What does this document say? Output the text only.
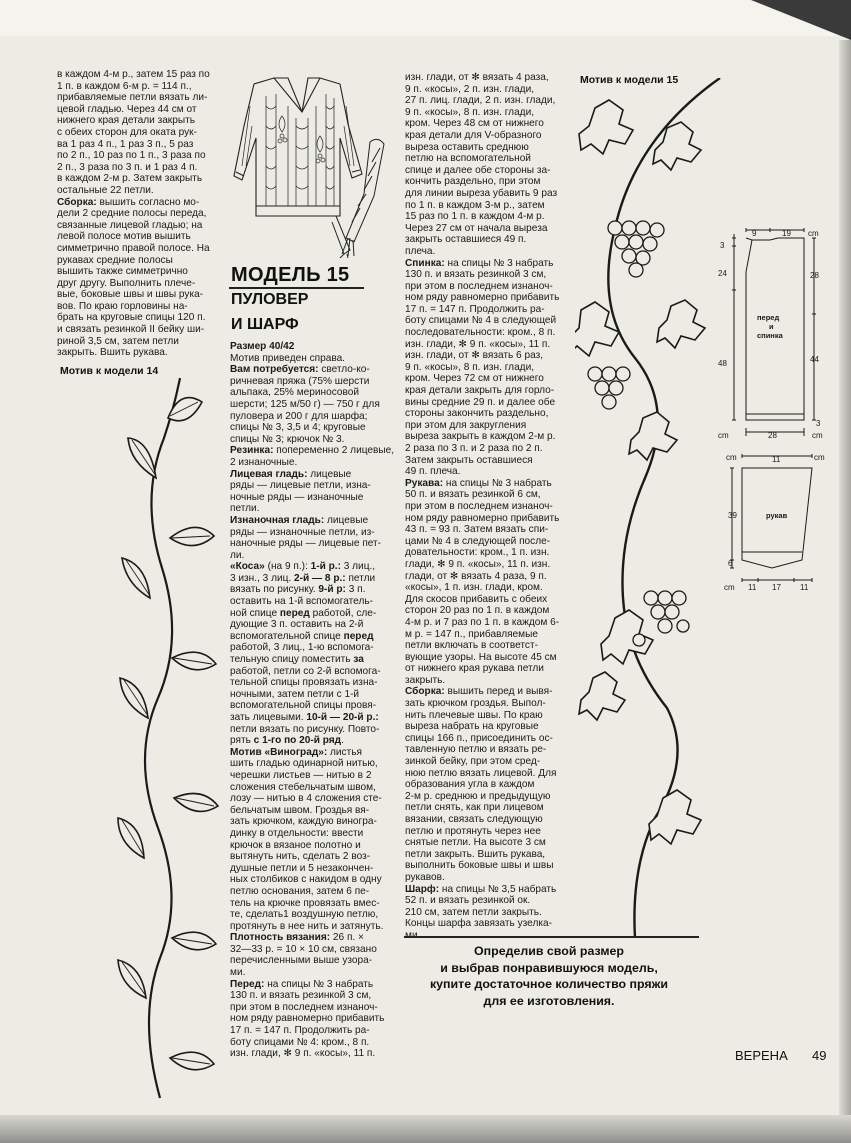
в каждом 4-м р., затем 15 раз по

1 п. в каждом 6-м р. = 114 п.,

прибавляемые петли вязать ли-

цевой гладью. Через 44 см от

нижнего края детали закрыть

с обеих сторон для оката рук-

ва 1 раз 4 п., 1 раз 3 п., 5 раз

по 2 п., 10 раз по 1 п., 3 раза по

2 п., 3 раза по 3 п. и 1 раз 4 п.

в каждом 2-м р. Затем закрыть

остальные 22 петли.

Сборка: вышить согласно мо-

дели 2 средние полосы переда,

связанные лицевой гладью; на

левой полосе мотив вышить

симметрично правой полосе. На

рукавах средние полосы

вышить также симметрично

друг другу. Выполнить плече-

вые, боковые швы и швы рука-

вов. По краю горловины на-

брать на круговые спицы 120 п.

и связать резинкой II бейку ши-

риной 3,5 см, затем петли

закрыть. Вшить рукава.

МОДЕЛЬ 15
ПУЛОВЕР
И ШАРФ

Размер 40/42

Мотив приведен справа.

Вам потребуется: светло-ко-

ричневая пряжа (75% шерсти

альпака, 25% мериносовой

шерсти; 125 м/50 г) — 750 г для

пуловера и 200 г для шарфа;

спицы № 3, 3,5 и 4; круговые

спицы № 3; крючок № 3.

Резинка: попеременно 2 лицевые,

2 изнаночные.

Лицевая гладь: лицевые

ряды — лицевые петли, изна-

ночные ряды — изнаночные

петли.

Изнаночная гладь: лицевые

ряды — изнаночные петли, из-

наночные ряды — лицевые пет-

ли.

«Коса» (на 9 п.): 1-й р.: 3 лиц.,

3 изн., 3 лиц. 2-й — 8 р.: петли

вязать по рисунку. 9-й р: 3 п.

оставить на 1-й вспомогатель-

ной спице перед работой, сле-

дующие 3 п. оставить на 2-й

вспомогательной спице перед

работой, 3 лиц., 1-ю вспомога-

тельную спицу поместить за

работой, петли со 2-й вспомога-

тельной спицы провязать изна-

ночными, затем петли с 1-й

вспомогательной спицы провя-

зать лицевыми. 10-й — 20-й р.:

петли вязать по рисунку. Повто-

рять с 1-го по 20-й ряд.

Мотив «Виноград»: листья

шить гладью одинарной нитью,

черешки листьев — нитью в 2

сложения стебельчатым швом,

лозу — нитью в 4 сложения сте-

бельчатым швом. Гроздья вя-

зать крючком, каждую виногра-

динку в отдельности: ввести

крючок в вязаное полотно и

вытянуть нить, сделать 2 воз-

душные петли и 5 незакончен-

ных столбиков с накидом в одну

петлю основания, затем 6 пе-

тель на крючке провязать вмес-

те, сделать1 воздушную петлю,

протянуть в нее нить и затянуть.

Плотность вязания: 26 п. ×

32—33 р. = 10 × 10 см, связано

перечисленными выше узора-

ми.

Перед: на спицы № 3 набрать

130 п. и вязать резинкой 3 см,

при этом в последнем изнаноч-

ном ряду равномерно прибавить

17 п. = 147 п. Продолжить ра-

боту спицами № 4: кром., 8 п.

изн. глади, ✻ 9 п. «косы», 11 п.

изн. глади, от ✻ вязать 4 раза,

9 п. «косы», 2 п. изн. глади,

27 п. лиц. глади, 2 п. изн. глади,

9 п. «косы», 8 п. изн. глади,

кром. Через 48 см от нижнего

края детали для V-образного

выреза оставить среднюю

петлю на вспомогательной

спице и далее обе стороны за-

кончить раздельно, при этом

для линии выреза убавить 9 раз

по 1 п. в каждом 3-м р., затем

15 раз по 1 п. в каждом 4-м р.

Через 27 см от начала выреза

закрыть оставшиеся 49 п.

плеча.

Спинка: на спицы № 3 набрать

130 п. и вязать резинкой 3 см,

при этом в последнем изнаноч-

ном ряду равномерно прибавить

17 п. = 147 п. Продолжить ра-

боту спицами № 4 в следующей

последовательности: кром., 8 п.

изн. глади, ✻ 9 п. «косы», 11 п.

изн. глади, от ✻ вязать 6 раз,

9 п. «косы», 8 п. изн. глади,

кром. Через 72 см от нижнего

края детали закрыть для горло-

вины средние 29 п. и далее обе

стороны закончить раздельно,

при этом для закругления

выреза закрыть в каждом 2-м р.

2 раза по 3 п. и 2 раза по 2 п.

Затем закрыть оставшиеся

49 п. плеча.

Рукава: на спицы № 3 набрать

50 п. и вязать резинкой 6 см,

при этом в последнем изнаноч-

ном ряду равномерно прибавить

43 п. = 93 п. Затем вязать спи-

цами № 4 в следующей после-

довательности: кром., 1 п. изн.

глади, ✻ 9 п. «косы», 11 п. изн.

глади, от ✻ вязать 4 раза, 9 п.

«косы», 1 п. изн. глади, кром.

Для скосов прибавить с обеих

сторон 20 раз по 1 п. в каждом

4-м р. и 7 раз по 1 п. в каждом 6-

м р. = 147 п., прибавляемые

петли включать в соответст-

вующие узоры. На высоте 45 см

от нижнего края рукава петли

закрыть.

Сборка: вышить перед и вывя-

зать крючком гроздья. Выпол-

нить плечевые швы. По краю

выреза набрать на круговые

спицы 166 п., присоединить ос-

тавленную петлю и вязать ре-

зинкой бейку, при этом сред-

нюю петлю вязать лицевой. Для

образования угла в каждом

2-м р. среднюю и предыдущую

петли снять, как при лицевом

вязании, связать следующую

петлю и протянуть через нее

снятые петли. На высоте 3 см

петли закрыть. Вшить рукава,

выполнить боковые швы и швы

рукавов.

Шарф: на спицы № 3,5 набрать

52 п. и вязать резинкой ок.

210 см, затем петли закрыть.

Концы шарфа завязать узелка-

Мотив к модели 14
Мотив к модели 15
9	19 cm
3
24
48
28
44
3
cm	28	cm
перед
и
спинка
cm	11	cm
39
6
cm 11 17 11
рукав
Определив свой размер
и выбрав понравившуюся модель,
купите достаточное количество пряжи
для ее изготовления.
ВЕРЕНА 49
